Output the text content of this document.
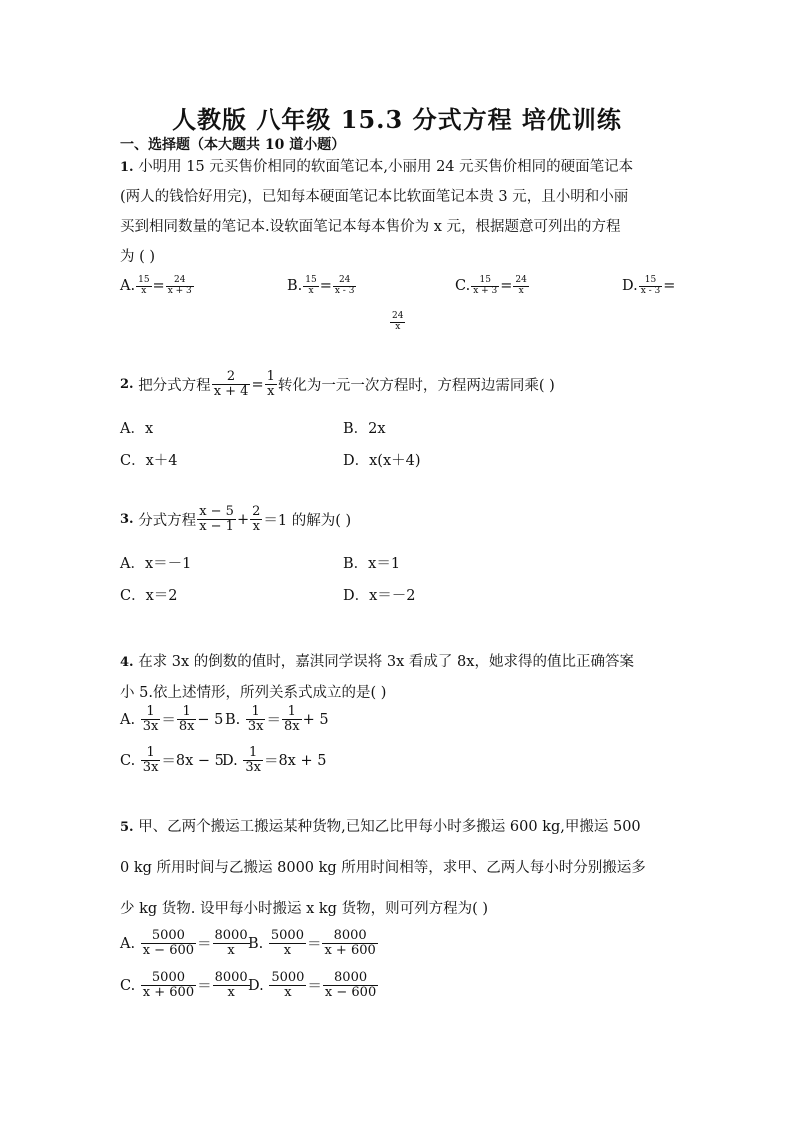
人教版 八年级 15.3 分式方程 培优训练
一、选择题（本大题共 10 道小题）
1. 小明用 15 元买售价相同的软面笔记本,小丽用 24 元买售价相同的硬面笔记本
(两人的钱恰好用完)，已知每本硬面笔记本比软面笔记本贵 3 元，且小明和小丽
买到相同数量的笔记本.设软面笔记本每本售价为 x 元，根据题意可列出的方程
为 ( )
A. $\frac{15}{x} = \frac{24}{x + 3}$	B. $\frac{15}{x} = \frac{24}{x - 3}$	C. $\frac{15}{x + 3} = \frac{24}{x}$	D. $\frac{15}{x - 3}$ =
$\frac{24}{x}$
2.
把分式方程 $\frac{2}{x + 4} = \frac{1}{x}$ 转化为一元一次方程时，方程两边需同乘( )
A．x	B．2x
C．x＋4	D．x(x＋4)
3.
分式方程 $\frac{x - 5}{x - 1} + \frac{2}{x} =1$ 的解为( )
A．x＝－1	B．x＝1
C．x＝2	D．x＝－2
4. 在求 3x 的倒数的值时，嘉淇同学误将 3x 看成了 8x，她求得的值比正确答案
小 5.依上述情形，所列关系式成立的是( )
A.
$\frac{1}{3x} = \frac{1}{8x} - 5$ B.
$\frac{1}{3x} = \frac{1}{8x} + 5$
C.
$\frac{1}{3x} = 8x - 5$
D.
$\frac{1}{3x} = 8x + 5$
5. 甲、乙两个搬运工搬运某种货物,已知乙比甲每小时多搬运 600 kg,甲搬运 500
0 kg 所用时间与乙搬运 8000 kg 所用时间相等，求甲、乙两人每小时分别搬运多
少 kg 货物. 设甲每小时搬运 x kg 货物，则可列方程为( )
A.
$\frac{5000}{x - 600} = \frac{8000}{x}$
B.
$\frac{5000}{x} = \frac{8000}{x + 600}$
C.
$\frac{5000}{x + 600} = \frac{8000}{x}$
D.
$\frac{5000}{x} = \frac{8000}{x - 600}$
